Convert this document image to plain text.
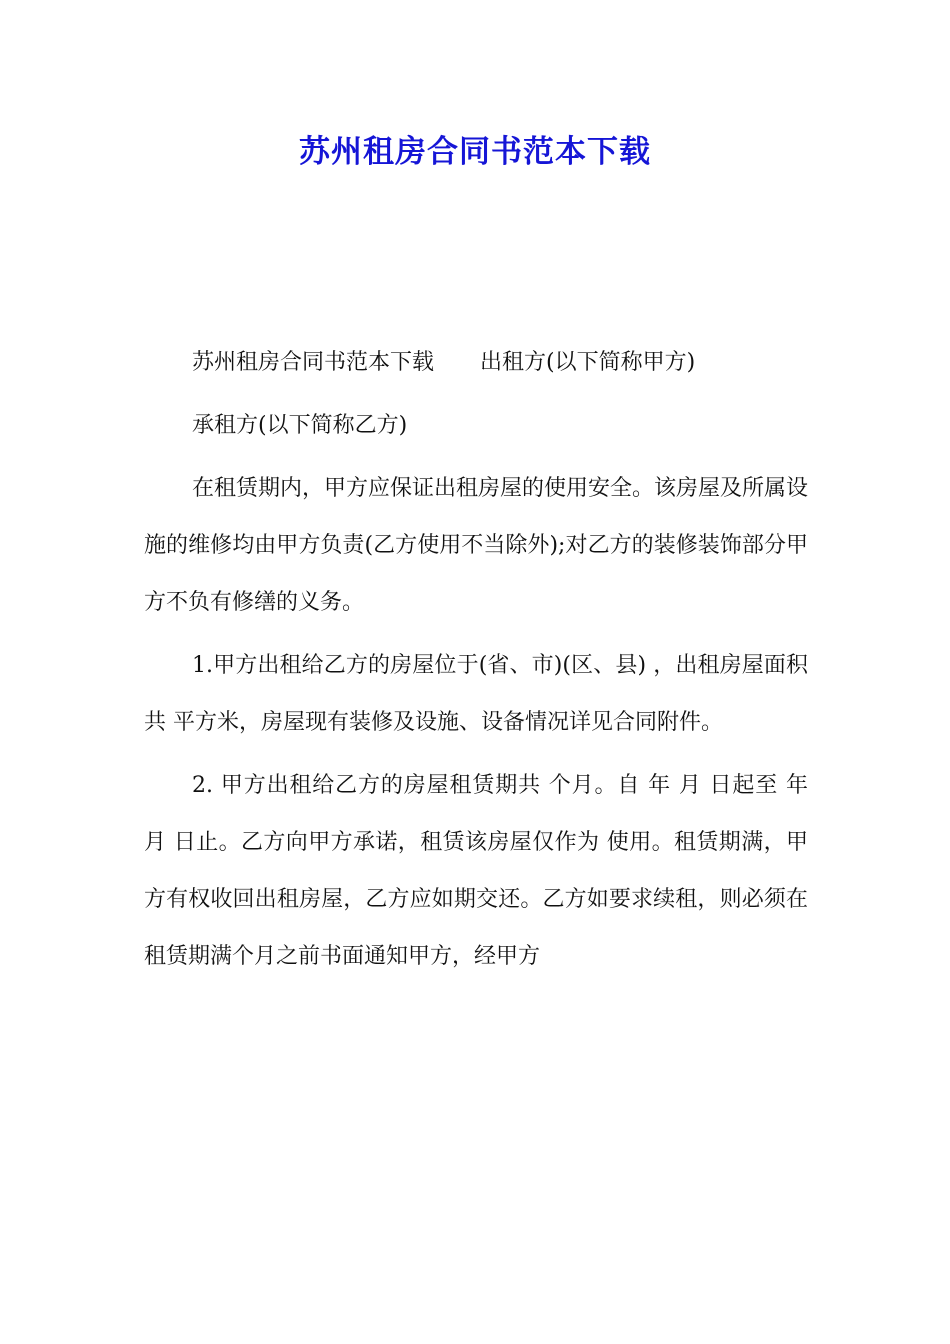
苏州租房合同书范本下载

苏州租房合同书范本下载 出租方(以下简称甲方)

承租方(以下简称乙方)

在租赁期内，甲方应保证出租房屋的使用安全。该房屋及所属设施的维修均由甲方负责(乙方使用不当除外);对乙方的装修装饰部分甲方不负有修缮的义务。

1.甲方出租给乙方的房屋位于(省、市)(区、县) ，出租房屋面积共 平方米，房屋现有装修及设施、设备情况详见合同附件。

2. 甲方出租给乙方的房屋租赁期共 个月。自 年 月 日起至 年 月 日止。乙方向甲方承诺，租赁该房屋仅作为 使用。租赁期满，甲方有权收回出租房屋，乙方应如期交还。乙方如要求续租，则必须在租赁期满个月之前书面通知甲方，经甲方
